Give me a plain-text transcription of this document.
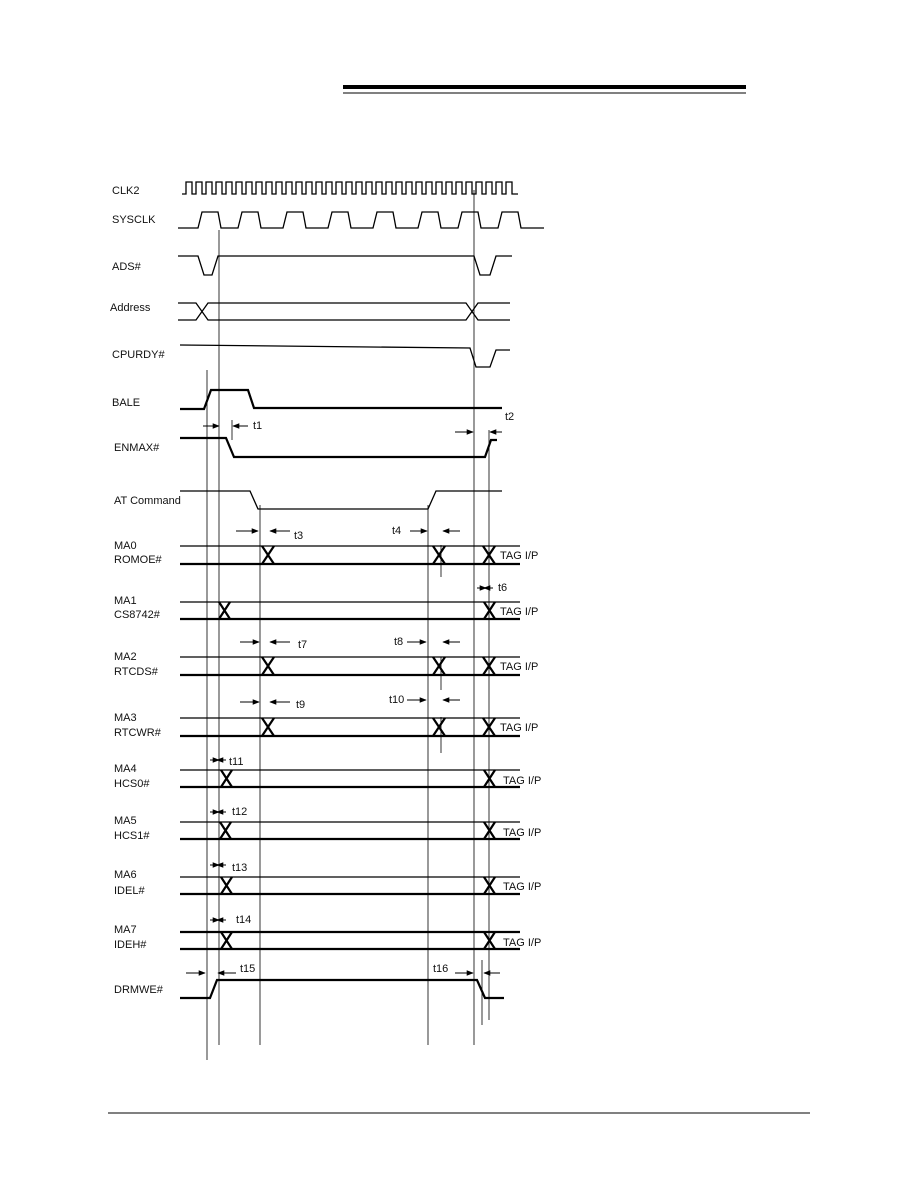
CLK2
SYSCLK
ADS#
Address
CPURDY#
BALE
ENMAX#
AT Command
MA0
ROMOE#
MA1
CS8742#
MA2
RTCDS#
MA3
RTCWR#
MA4
HCS0#
MA5
HCS1#
MA6
IDEL#
MA7
IDEH#
DRMWE#
TAG I/P
TAG I/P
TAG I/P
TAG I/P
TAG I/P
TAG I/P
TAG I/P
TAG I/P
t1
t2
t3	t4
t6
t7	t8
t9	t10
t11
t12
t13
t14
t15	t16
